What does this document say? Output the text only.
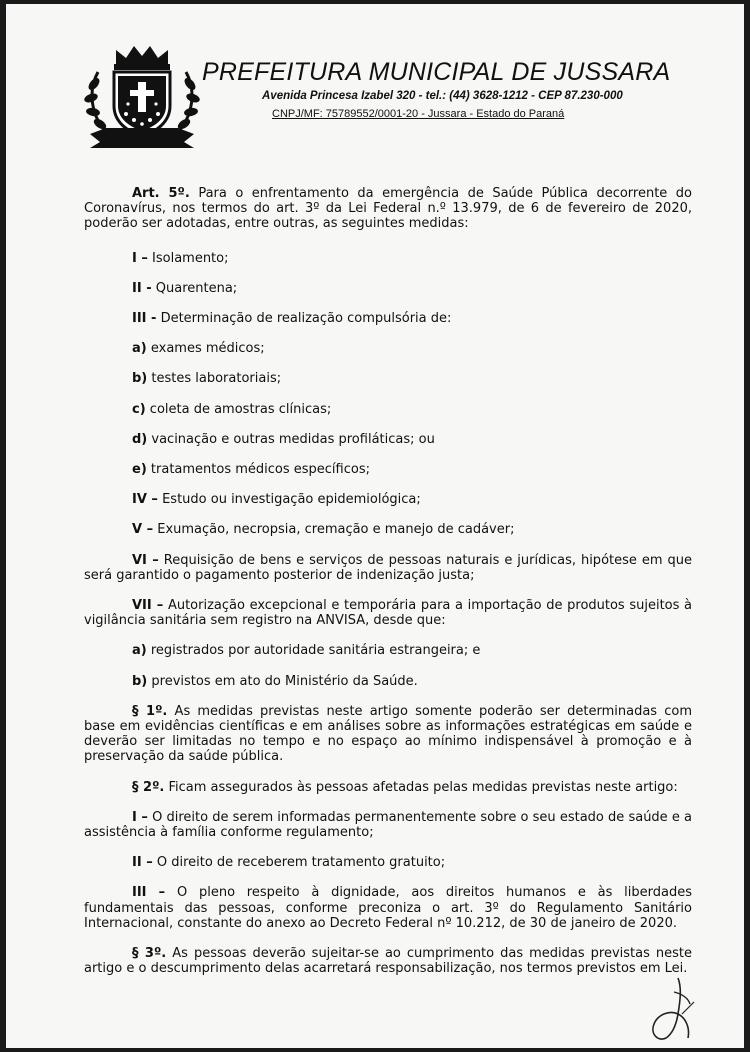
PREFEITURA MUNICIPAL DE JUSSARA
Avenida Princesa Izabel 320 - tel.: (44) 3628-1212 - CEP 87.230-000
CNPJ/MF: 75789552/0001-20 - Jussara - Estado do Paraná

Art. 5º. Para o enfrentamento da emergência de Saúde Pública decorrente do Coronavírus, nos termos do art. 3º da Lei Federal n.º 13.979, de 6 de fevereiro de 2020, poderão ser adotadas, entre outras, as seguintes medidas:

I – Isolamento;

II - Quarentena;

III - Determinação de realização compulsória de:

a) exames médicos;

b) testes laboratoriais;

c) coleta de amostras clínicas;

d) vacinação e outras medidas profiláticas; ou

e) tratamentos médicos específicos;

IV – Estudo ou investigação epidemiológica;

V – Exumação, necropsia, cremação e manejo de cadáver;

VI – Requisição de bens e serviços de pessoas naturais e jurídicas, hipótese em que será garantido o pagamento posterior de indenização justa;

VII – Autorização excepcional e temporária para a importação de produtos sujeitos à vigilância sanitária sem registro na ANVISA, desde que:

a) registrados por autoridade sanitária estrangeira; e

b) previstos em ato do Ministério da Saúde.

§ 1º. As medidas previstas neste artigo somente poderão ser determinadas com base em evidências científicas e em análises sobre as informações estratégicas em saúde e deverão ser limitadas no tempo e no espaço ao mínimo indispensável à promoção e à preservação da saúde pública.

§ 2º. Ficam assegurados às pessoas afetadas pelas medidas previstas neste artigo:

I – O direito de serem informadas permanentemente sobre o seu estado de saúde e a assistência à família conforme regulamento;

II – O direito de receberem tratamento gratuito;

III – O pleno respeito à dignidade, aos direitos humanos e às liberdades fundamentais das pessoas, conforme preconiza o art. 3º do Regulamento Sanitário Internacional, constante do anexo ao Decreto Federal nº 10.212, de 30 de janeiro de 2020.

§ 3º. As pessoas deverão sujeitar-se ao cumprimento das medidas previstas neste artigo e o descumprimento delas acarretará responsabilização, nos termos previstos em Lei.
